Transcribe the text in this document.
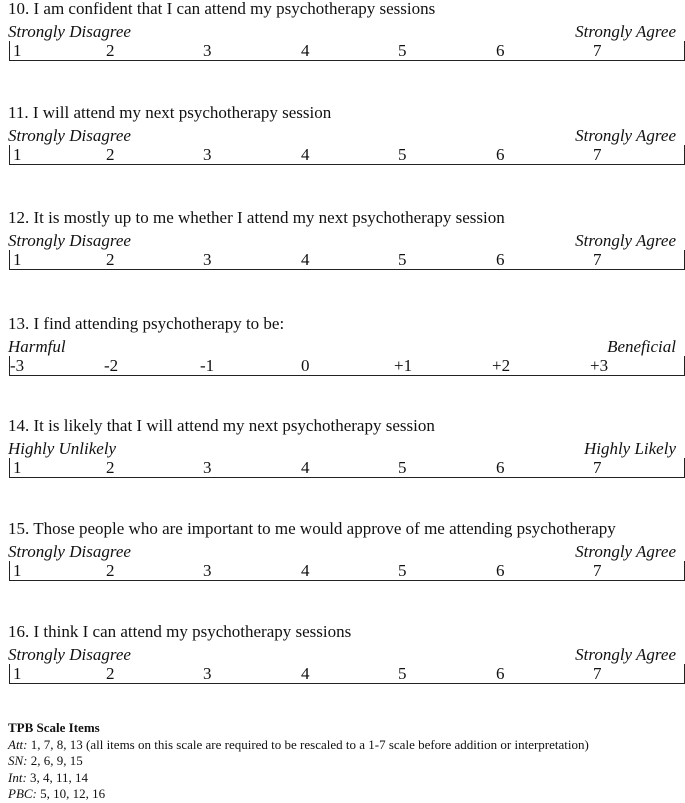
10. I am confident that I can attend my psychotherapy sessions
Strongly Disagree	Strongly Agree
1	2	3	4	5	6	7
11. I will attend my next psychotherapy session
Strongly Disagree	Strongly Agree
1	2	3	4	5	6	7
12. It is mostly up to me whether I attend my next psychotherapy session
Strongly Disagree	Strongly Agree
1	2	3	4	5	6	7
13. I find attending psychotherapy to be:
Harmful	Beneficial
-3	-2	-1	0	+1	+2	+3
14. It is likely that I will attend my next psychotherapy session
Highly Unlikely	Highly Likely
1	2	3	4	5	6	7
15. Those people who are important to me would approve of me attending psychotherapy
Strongly Disagree	Strongly Agree
1	2	3	4	5	6	7
16. I think I can attend my psychotherapy sessions
Strongly Disagree	Strongly Agree
1	2	3	4	5	6	7
TPB Scale Items
Att: 1, 7, 8, 13 (all items on this scale are required to be rescaled to a 1-7 scale before addition or interpretation)
SN: 2, 6, 9, 15
Int: 3, 4, 11, 14
PBC: 5, 10, 12, 16
